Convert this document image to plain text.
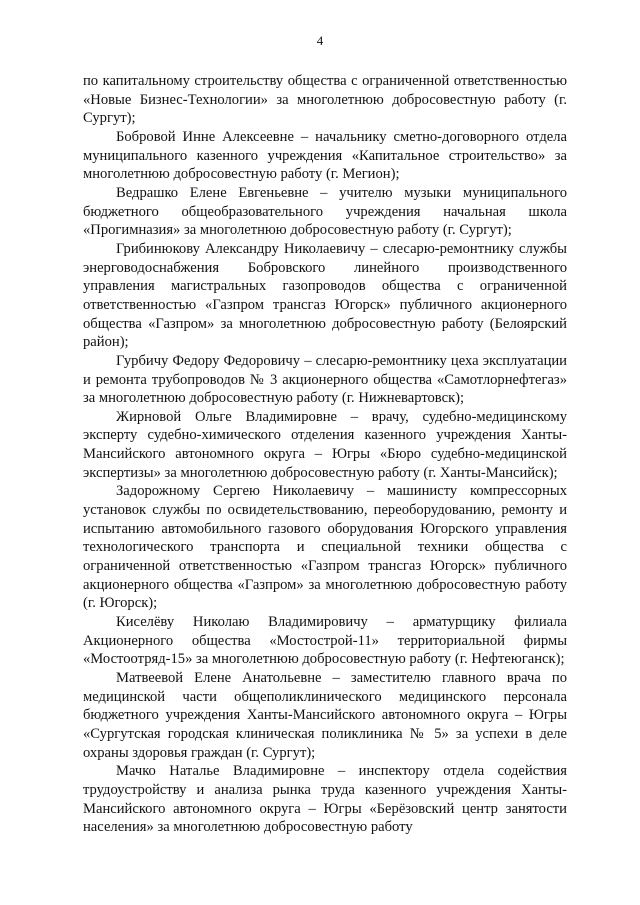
4

по капитальному строительству общества с ограниченной ответственностью «Новые Бизнес-Технологии» за многолетнюю добросовестную работу (г. Сургут);

Бобровой Инне Алексеевне – начальнику сметно-договорного отдела муниципального казенного учреждения «Капитальное строительство» за многолетнюю добросовестную работу (г. Мегион);

Ведрашко Елене Евгеньевне – учителю музыки муниципального бюджетного общеобразовательного учреждения начальная школа «Прогимназия» за многолетнюю добросовестную работу (г. Сургут);

Грибинюкову Александру Николаевичу – слесарю-ремонтнику службы энерговодоснабжения Бобровского линейного производственного управления магистральных газопроводов общества с ограниченной ответственностью «Газпром трансгаз Югорск» публичного акционерного общества «Газпром» за многолетнюю добросовестную работу (Белоярский район);

Гурбичу Федору Федоровичу – слесарю-ремонтнику цеха эксплуатации и ремонта трубопроводов № 3 акционерного общества «Самотлорнефтегаз» за многолетнюю добросовестную работу (г. Нижневартовск);

Жирновой Ольге Владимировне – врачу, судебно-медицинскому эксперту судебно-химического отделения казенного учреждения Ханты-Мансийского автономного округа – Югры «Бюро судебно-медицинской экспертизы» за многолетнюю добросовестную работу (г. Ханты-Мансийск);

Задорожному Сергею Николаевичу – машинисту компрессорных установок службы по освидетельствованию, переоборудованию, ремонту и испытанию автомобильного газового оборудования Югорского управления технологического транспорта и специальной техники общества с ограниченной ответственностью «Газпром трансгаз Югорск» публичного акционерного общества «Газпром» за многолетнюю добросовестную работу (г. Югорск);

Киселёву Николаю Владимировичу – арматурщику филиала Акционерного общества «Мостострой-11» территориальной фирмы «Мостоотряд-15» за многолетнюю добросовестную работу (г. Нефтеюганск);

Матвеевой Елене Анатольевне – заместителю главного врача по медицинской части общеполиклинического медицинского персонала бюджетного учреждения Ханты-Мансийского автономного округа – Югры «Сургутская городская клиническая поликлиника № 5» за успехи в деле охраны здоровья граждан (г. Сургут);

Мачко Наталье Владимировне – инспектору отдела содействия трудоустройству и анализа рынка труда казенного учреждения Ханты-Мансийского автономного округа – Югры «Берёзовский центр занятости населения» за многолетнюю добросовестную работу
